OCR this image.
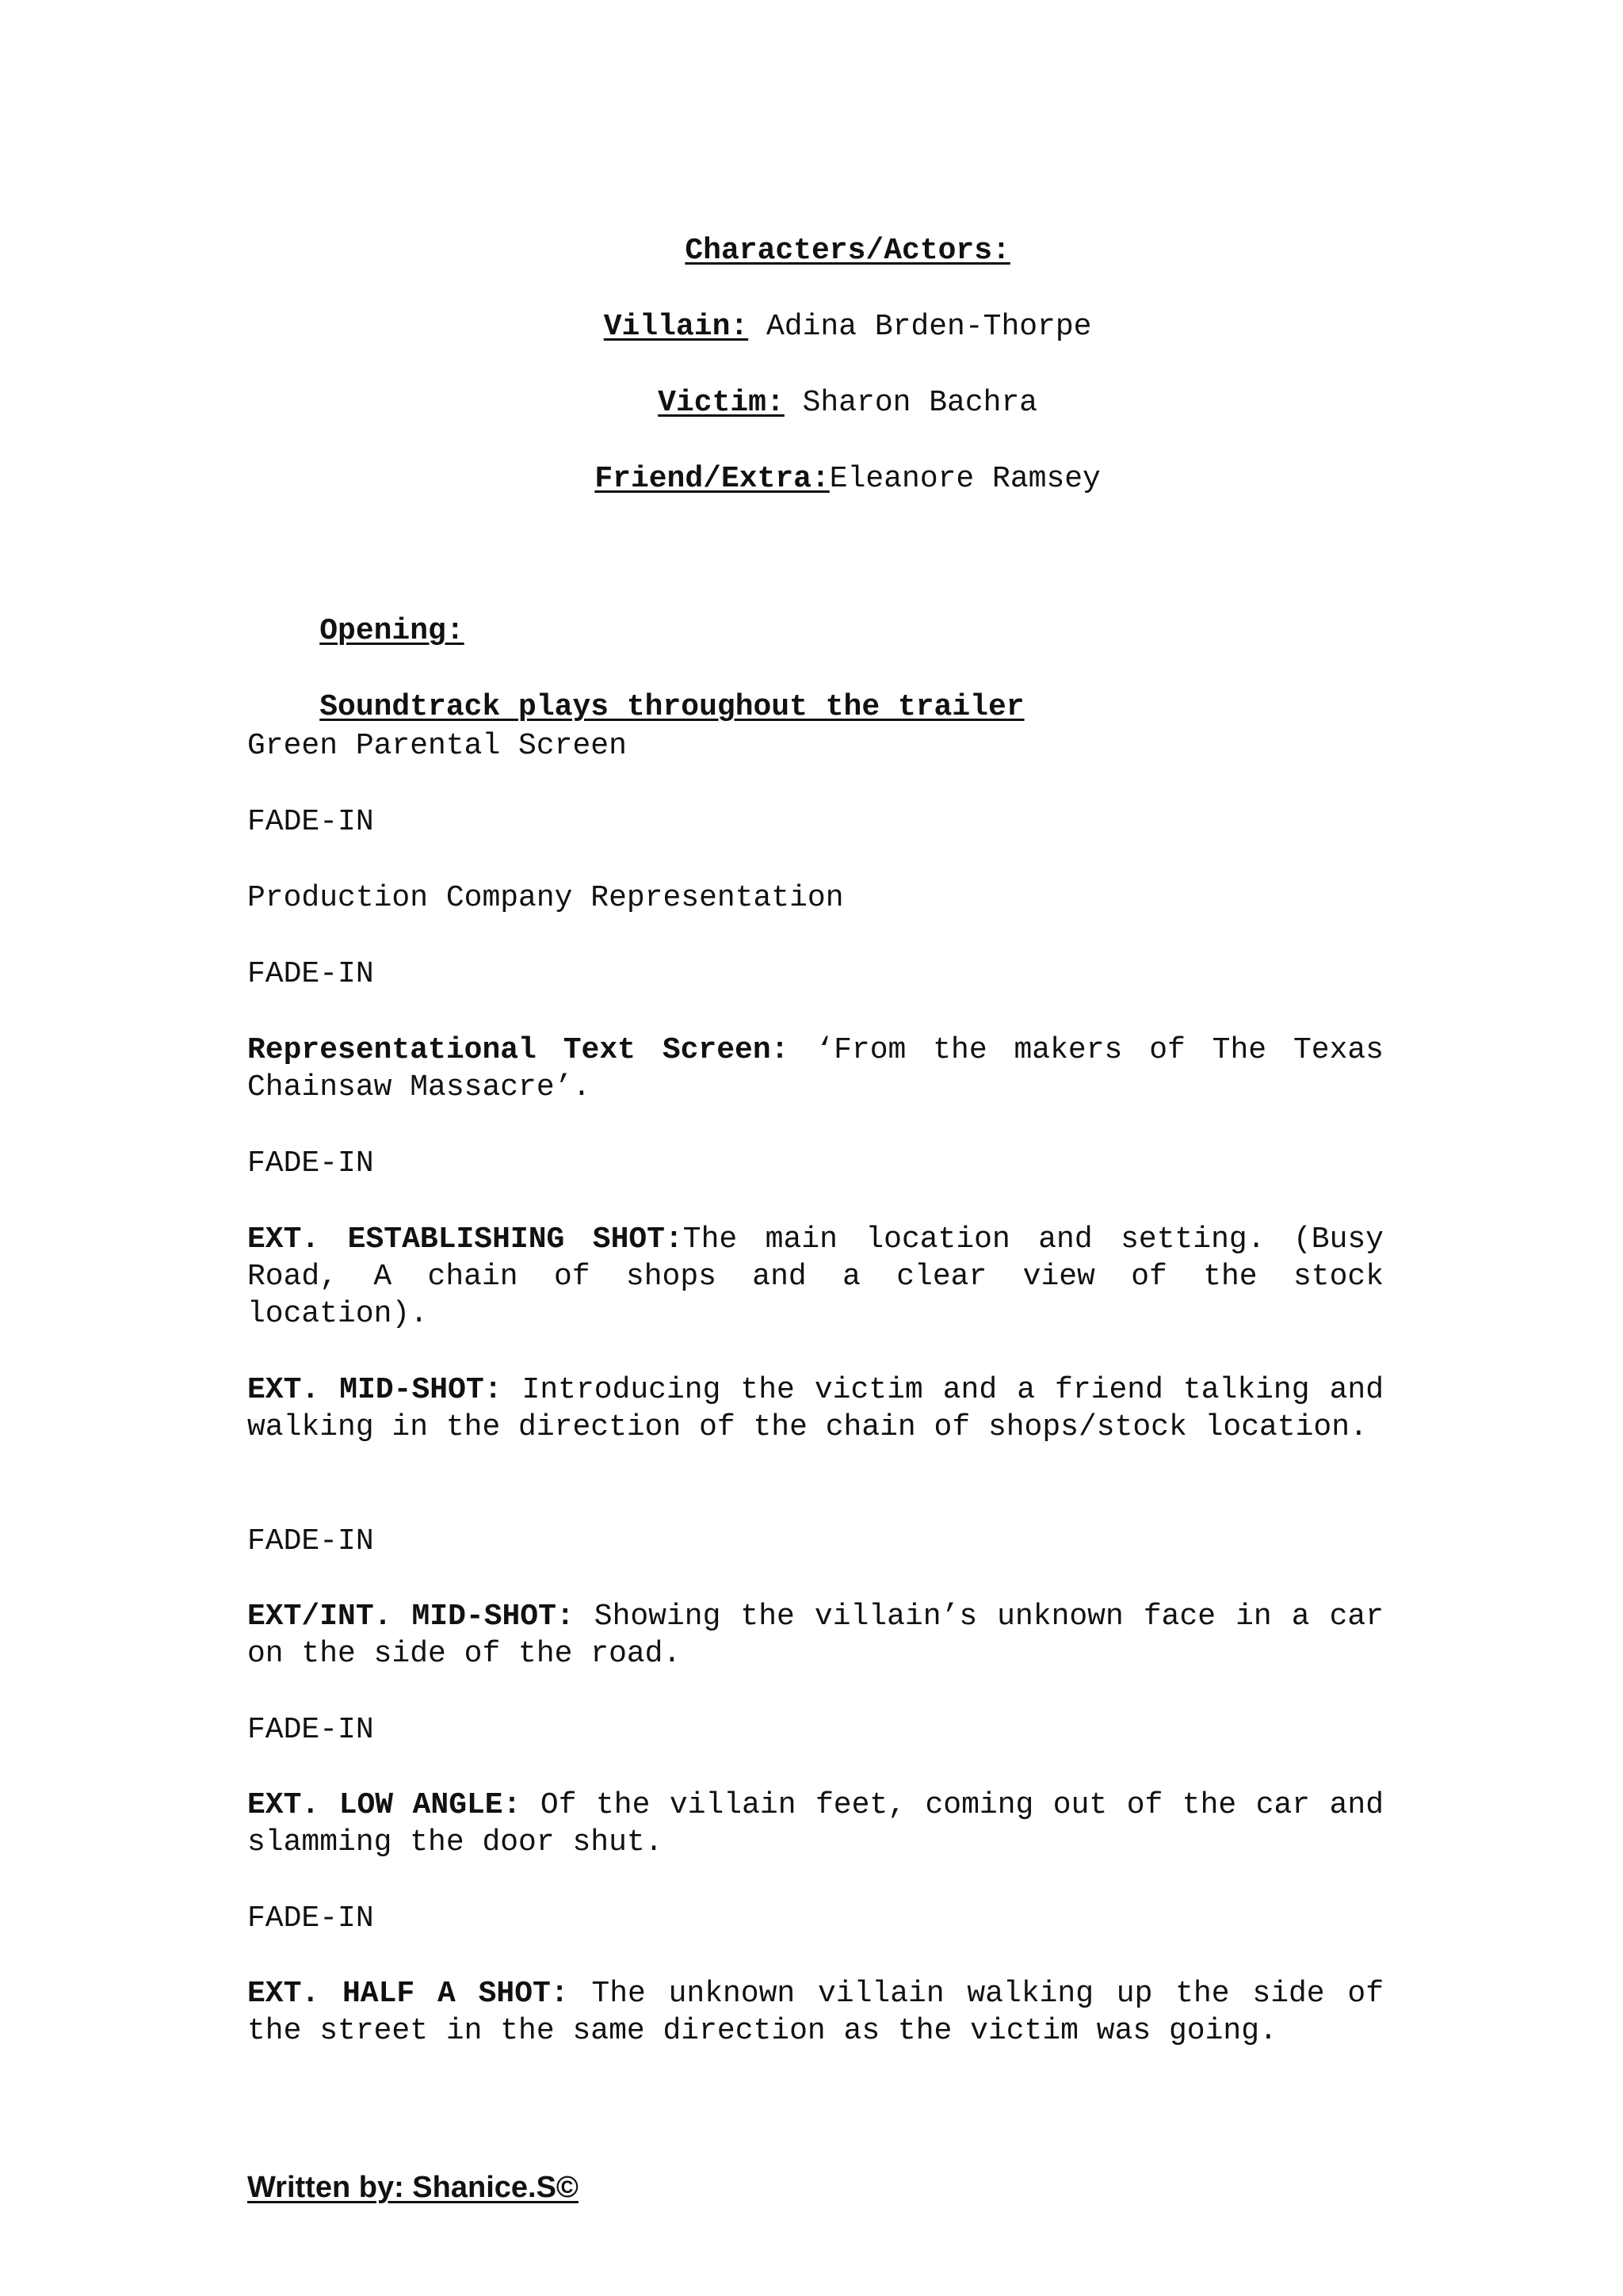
Characters/Actors:

Villain: Adina Brden-Thorpe

Victim: Sharon Bachra

Friend/Extra:Eleanore Ramsey

Opening:

Soundtrack plays throughout the trailer

Green Parental Screen
FADE-IN
Production Company Representation
FADE-IN
Representational Text Screen: ‘From the makers of The Texas Chainsaw Massacre’.
FADE-IN
EXT. ESTABLISHING SHOT:The main location and setting. (Busy Road, A chain of shops and a clear view of the stock location).
EXT. MID-SHOT: Introducing the victim and a friend talking and walking in the direction of the chain of shops/stock location.
FADE-IN
EXT/INT. MID-SHOT: Showing the villain’s unknown face in a car on the side of the road.
FADE-IN
EXT. LOW ANGLE: Of the villain feet, coming out of the car and slamming the door shut.
FADE-IN
EXT. HALF A SHOT: The unknown villain walking up the side of the street in the same direction as the victim was going.
Written by: Shanice.S©
